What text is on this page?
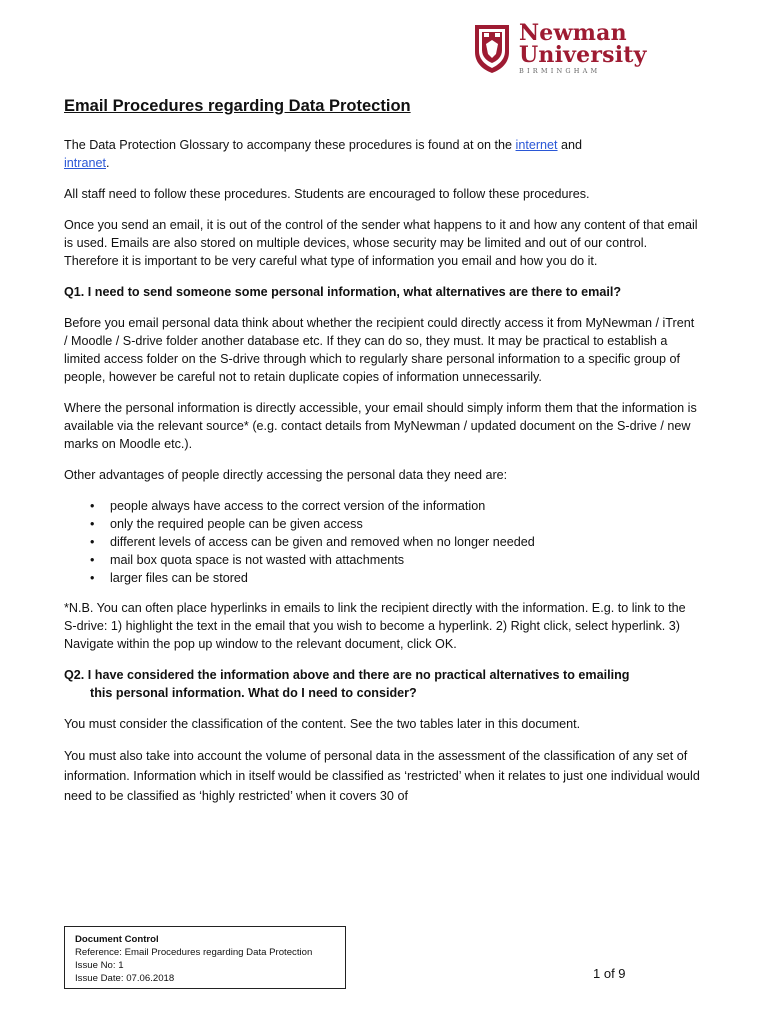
Newman
University
BIRMINGHAM
Email Procedures regarding Data Protection

The Data Protection Glossary to accompany these procedures is found at on the internet and
intranet.

All staff need to follow these procedures. Students are encouraged to follow these procedures.

Once you send an email, it is out of the control of the sender what happens to it and how any content of that email is used. Emails are also stored on multiple devices, whose security may be limited and out of our control. Therefore it is important to be very careful what type of information you email and how you do it.

Q1. I need to send someone some personal information, what alternatives are there to email?

Before you email personal data think about whether the recipient could directly access it from MyNewman / iTrent / Moodle / S-drive folder another database etc. If they can do so, they must. It may be practical to establish a limited access folder on the S-drive through which to regularly share personal information to a specific group of people, however be careful not to retain duplicate copies of information unnecessarily.

Where the personal information is directly accessible, your email should simply inform them that the information is available via the relevant source* (e.g. contact details from MyNewman / updated document on the S-drive / new marks on Moodle etc.).

Other advantages of people directly accessing the personal data they need are:

• people always have access to the correct version of the information
• only the required people can be given access
• different levels of access can be given and removed when no longer needed
• mail box quota space is not wasted with attachments
• larger files can be stored

*N.B. You can often place hyperlinks in emails to link the recipient directly with the information. E.g. to link to the S-drive: 1) highlight the text in the email that you wish to become a hyperlink. 2) Right click, select hyperlink. 3) Navigate within the pop up window to the relevant document, click OK.

Q2. I have considered the information above and there are no practical alternatives to emailing
this personal information. What do I need to consider?

You must consider the classification of the content. See the two tables later in this document.

You must also take into account the volume of personal data in the assessment of the classification of any set of information. Information which in itself would be classified as ‘restricted’ when it relates to just one individual would need to be classified as ‘highly restricted’ when it covers 30 of

Document Control
Reference: Email Procedures regarding Data Protection
Issue No: 1
Issue Date: 07.06.2018	1 of 9
